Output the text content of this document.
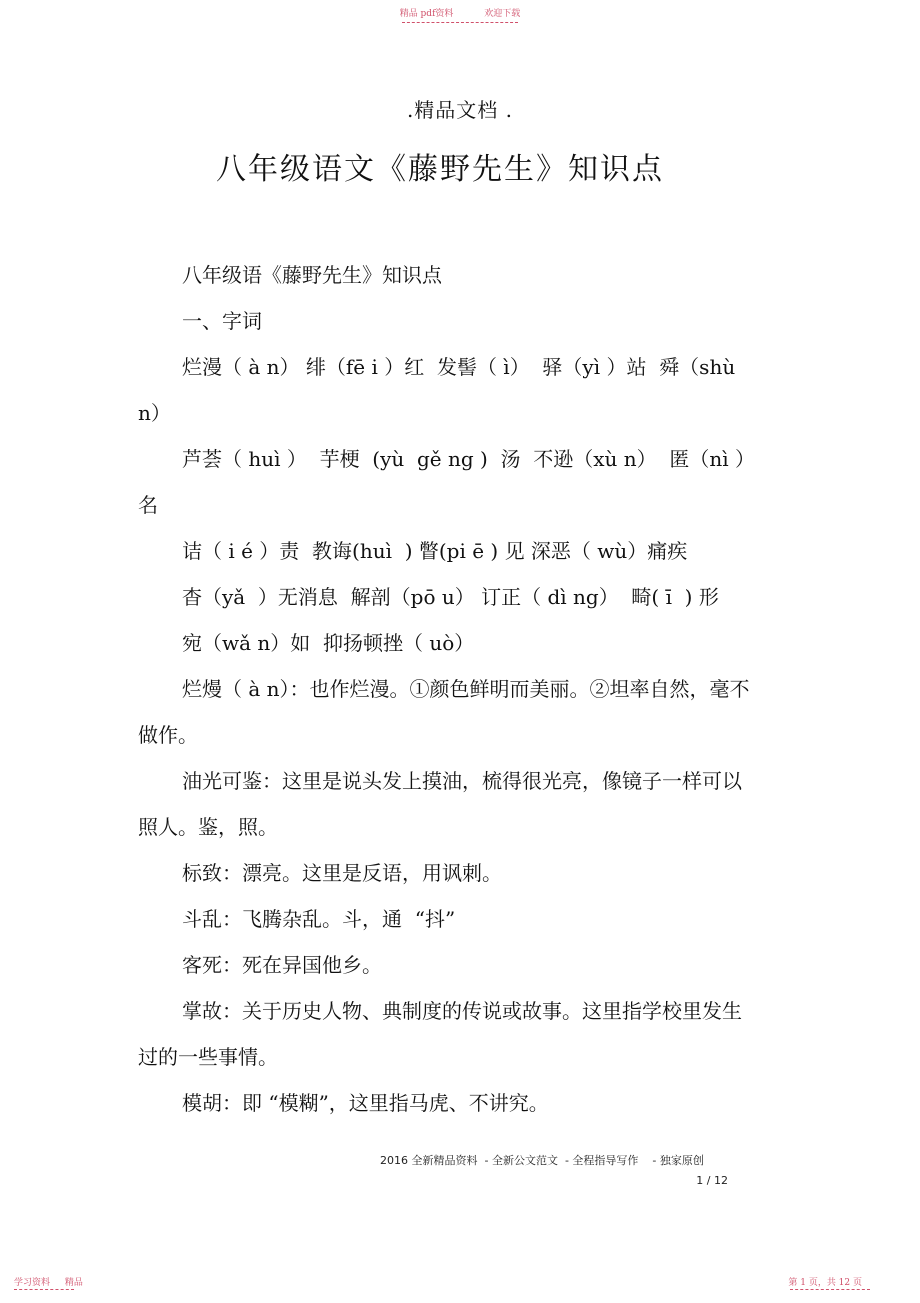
精品 pdf资料	欢迎下载
.精品文档 .
八年级语文《藤野先生》知识点

八年级语《藤野先生》知识点

一、字词

烂漫（ à n） 绯（fē i ）红  发髻（ ì）  驿（yì ）站  舜（shù n）

芦荟（ huì ）  芋梗  (yù  gě ng )  汤  不逊（xù n）  匿（nì ）名

诘（ i é ）责  教诲(huì  ) 瞥(pi ē ) 见 深恶（ wù）痛疾

杳（yǎ  ）无消息  解剖（pō u） 订正（ dì ng）  畸( ī  ) 形

宛（wǎ n）如  抑扬顿挫（ uò）

烂熳（ à n）：也作烂漫。①颜色鲜明而美丽。②坦率自然，毫不做作。

油光可鉴：这里是说头发上摸油，梳得很光亮，像镜子一样可以照人。鉴，照。

标致：漂亮。这里是反语，用讽刺。

斗乱：飞腾杂乱。斗，通  “抖”

客死：死在异国他乡。

掌故：关于历史人物、典制度的传说或故事。这里指学校里发生过的一些事情。

模胡：即 “模糊”，这里指马虎、不讲究。

2016 全新精品资料  - 全新公文范文  - 全程指导写作    - 独家原创
1 / 12
学习资料 精品	第 1 页，共 12 页
